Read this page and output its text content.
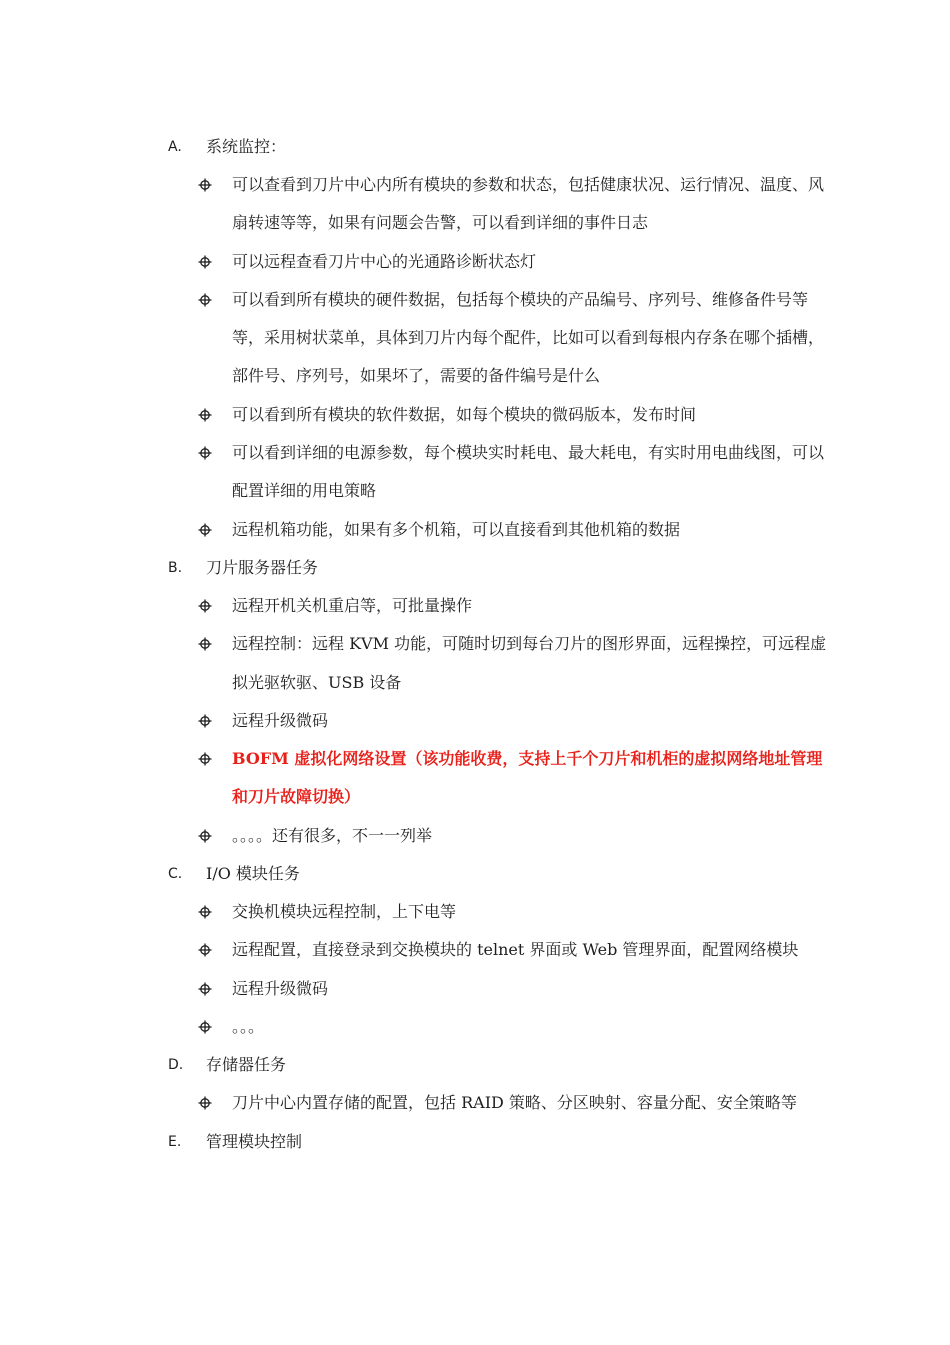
A.	系统监控：
可以查看到刀片中心内所有模块的参数和状态，包括健康状况、运行情况、温度、风扇转速等等，如果有问题会告警，可以看到详细的事件日志
可以远程查看刀片中心的光通路诊断状态灯
可以看到所有模块的硬件数据，包括每个模块的产品编号、序列号、维修备件号等等，采用树状菜单，具体到刀片内每个配件，比如可以看到每根内存条在哪个插槽，部件号、序列号，如果坏了，需要的备件编号是什么
可以看到所有模块的软件数据，如每个模块的微码版本，发布时间
可以看到详细的电源参数，每个模块实时耗电、最大耗电，有实时用电曲线图，可以配置详细的用电策略
远程机箱功能，如果有多个机箱，可以直接看到其他机箱的数据
B.	刀片服务器任务
远程开机关机重启等，可批量操作
远程控制：远程 KVM 功能，可随时切到每台刀片的图形界面，远程操控，可远程虚拟光驱软驱、USB 设备
远程升级微码
BOFM 虚拟化网络设置（该功能收费，支持上千个刀片和机柜的虚拟网络地址管理和刀片故障切换）
。。。。还有很多，不一一列举
C.	I/O 模块任务
交换机模块远程控制，上下电等
远程配置，直接登录到交换模块的 telnet 界面或 Web 管理界面，配置网络模块
远程升级微码
。。。
D.	存储器任务
刀片中心内置存储的配置，包括 RAID 策略、分区映射、容量分配、安全策略等
E.	管理模块控制
